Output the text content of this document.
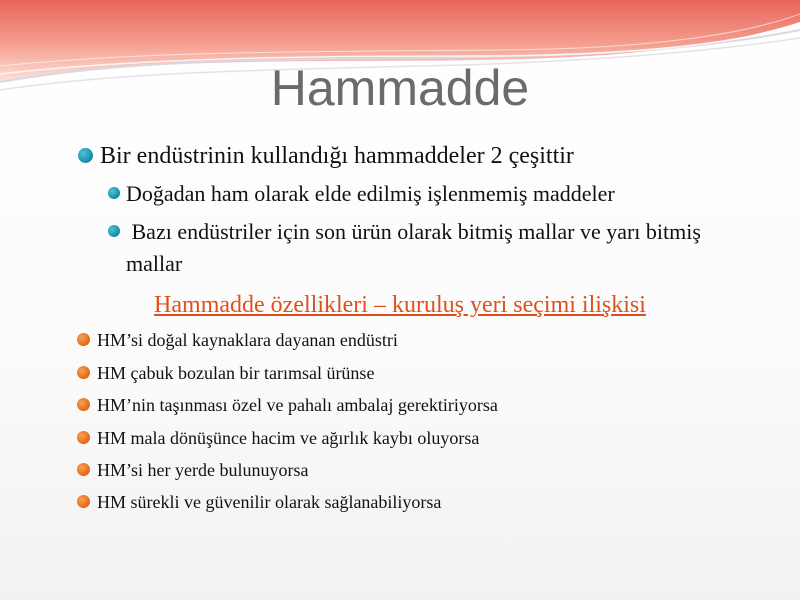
Hammadde
Bir endüstrinin kullandığı hammaddeler 2 çeşittir
Doğadan ham olarak elde edilmiş işlenmemiş maddeler
Bazı endüstriler için son ürün olarak bitmiş mallar ve yarı bitmiş mallar
Hammadde özellikleri – kuruluş yeri seçimi ilişkisi
HM’si doğal kaynaklara dayanan endüstri
HM çabuk bozulan bir tarımsal ürünse
HM’nin taşınması özel ve pahalı ambalaj gerektiriyorsa
HM mala dönüşünce hacim ve ağırlık kaybı oluyorsa
HM’si her yerde bulunuyorsa
HM sürekli ve güvenilir olarak sağlanabiliyorsa
